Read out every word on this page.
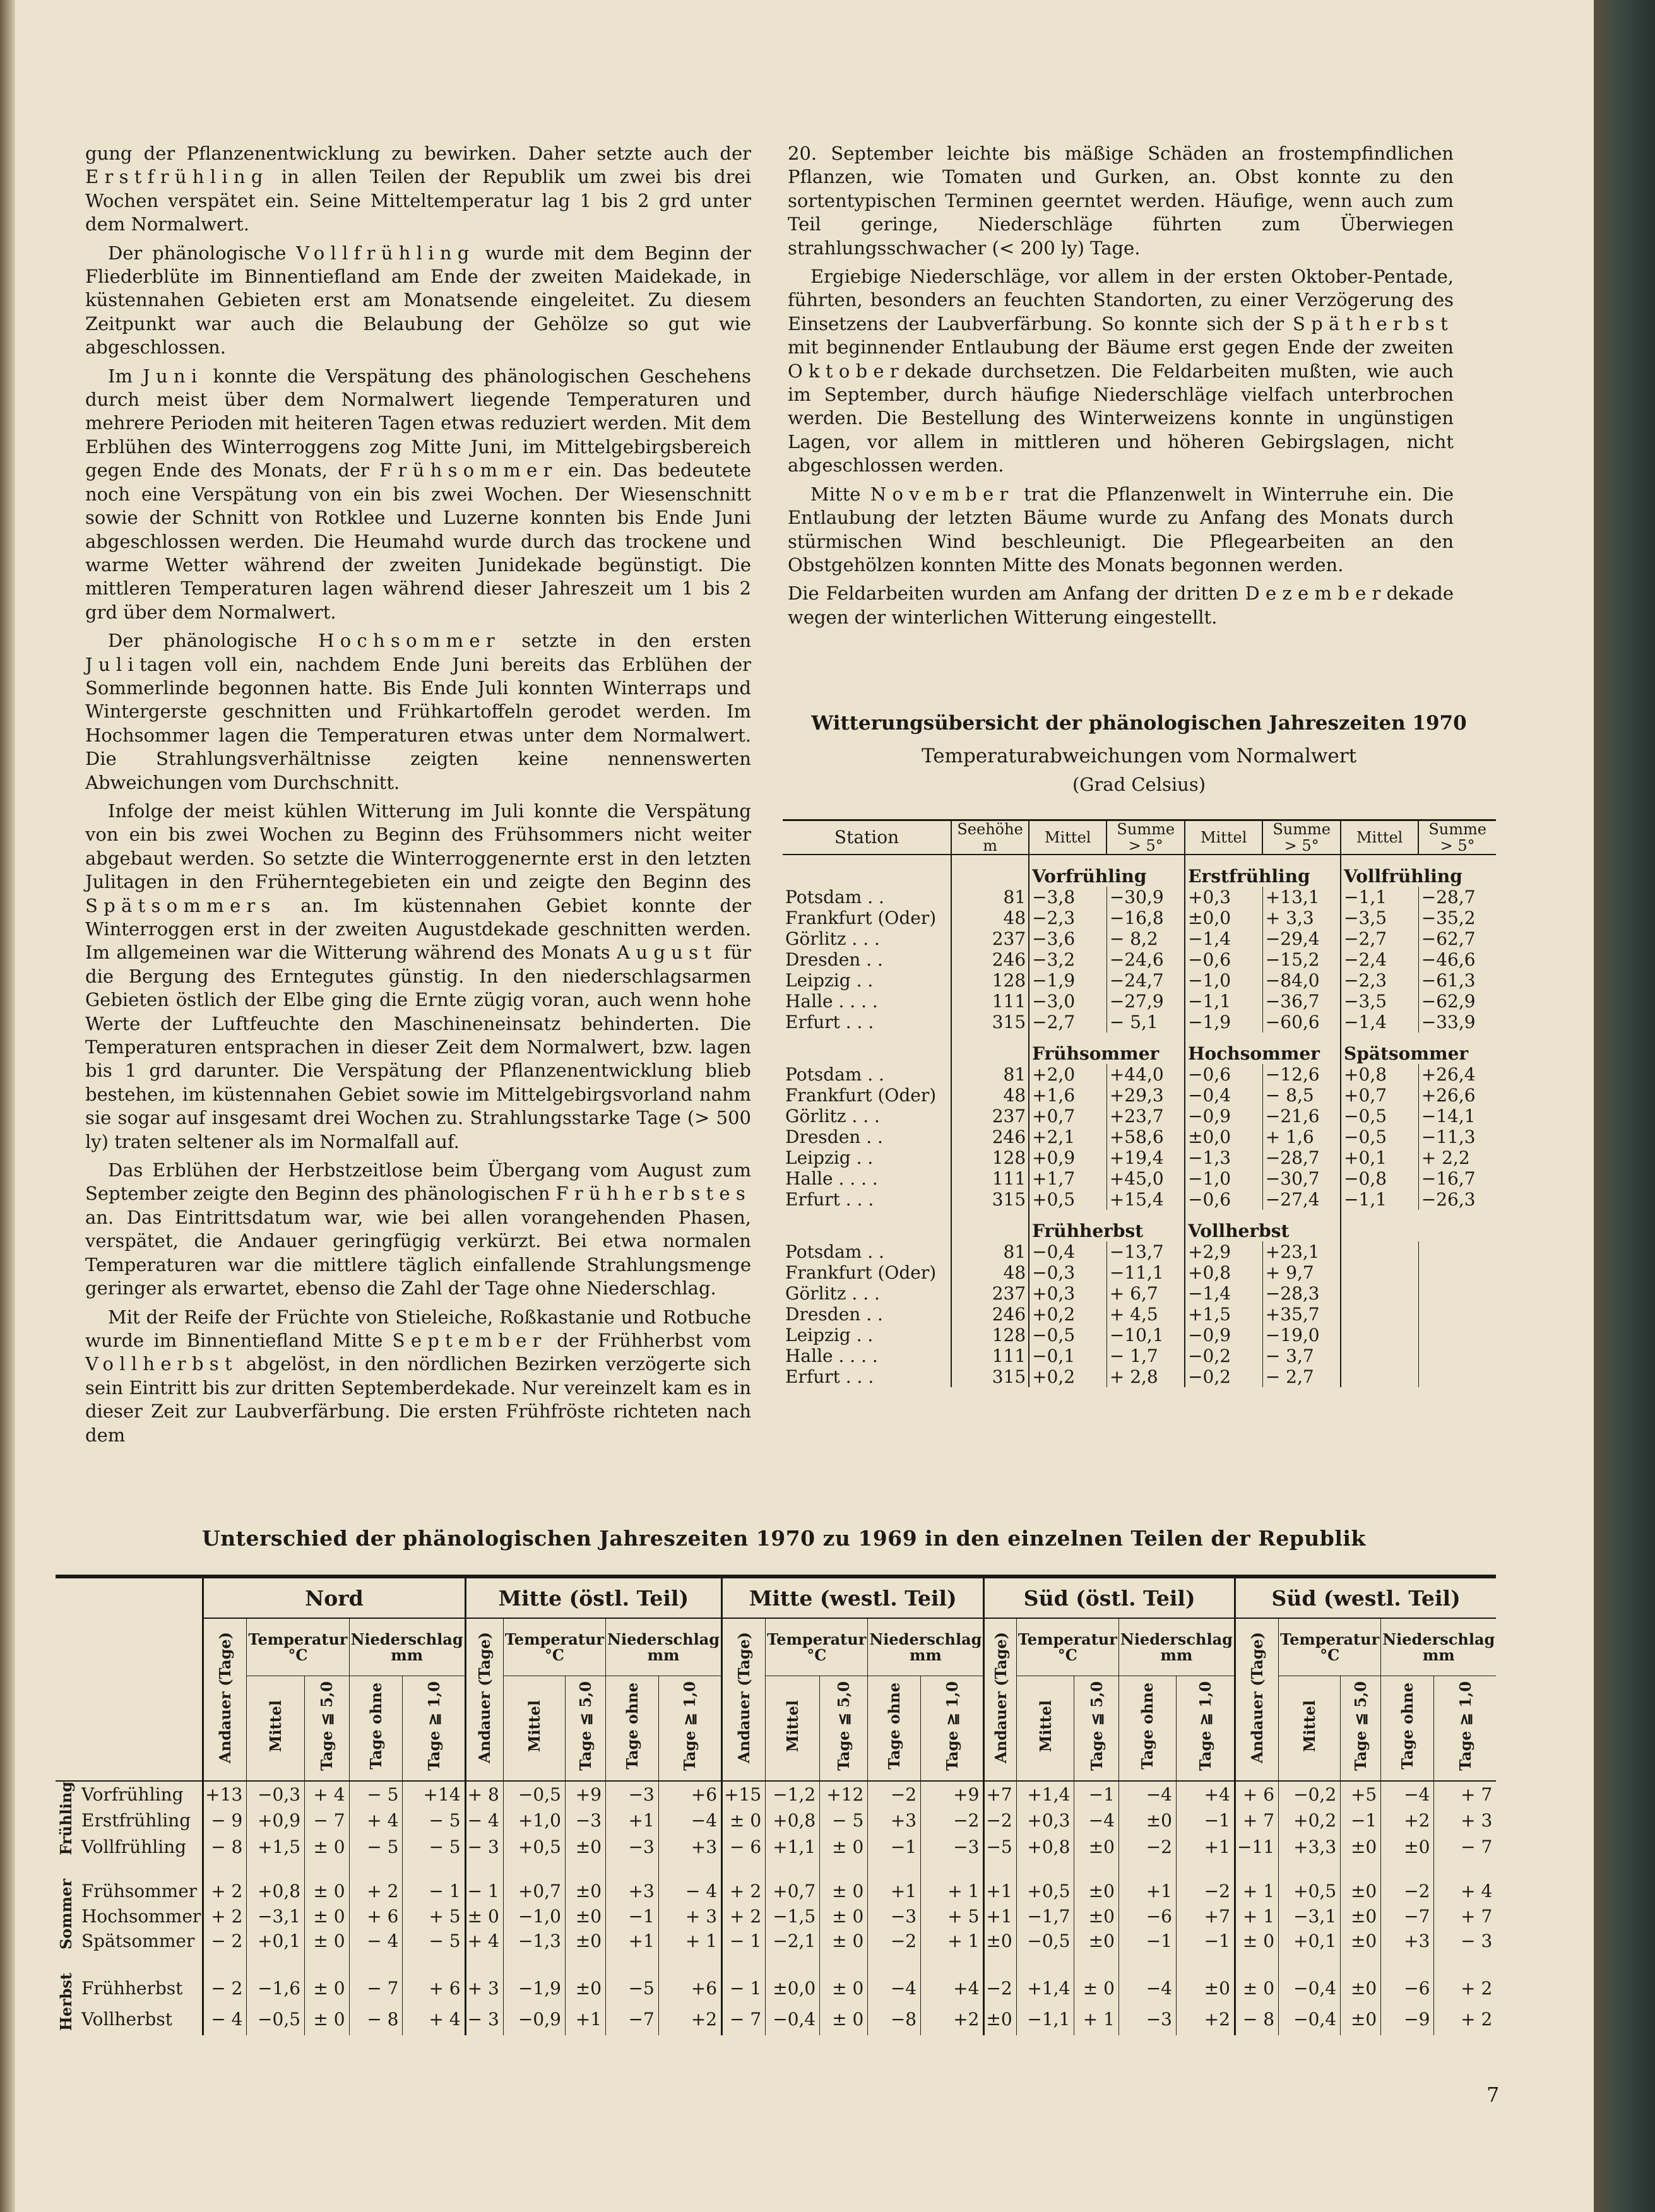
gung der Pflanzenentwicklung zu bewirken. Daher setzte auch der Erstfrühling in allen Teilen der Republik um zwei bis drei Wochen verspätet ein. Seine Mitteltemperatur lag 1 bis 2 grd unter dem Normalwert.

Der phänologische Vollfrühling wurde mit dem Beginn der Fliederblüte im Binnentiefland am Ende der zweiten Maidekade, in küstennahen Gebieten erst am Monatsende eingeleitet. Zu diesem Zeitpunkt war auch die Belaubung der Gehölze so gut wie abgeschlossen.

Im Juni konnte die Verspätung des phänologischen Geschehens durch meist über dem Normalwert liegende Temperaturen und mehrere Perioden mit heiteren Tagen etwas reduziert werden. Mit dem Erblühen des Winterroggens zog Mitte Juni, im Mittelgebirgsbereich gegen Ende des Monats, der Frühsommer ein. Das bedeutete noch eine Verspätung von ein bis zwei Wochen. Der Wiesenschnitt sowie der Schnitt von Rotklee und Luzerne konnten bis Ende Juni abgeschlossen werden. Die Heumahd wurde durch das trockene und warme Wetter während der zweiten Junidekade begünstigt. Die mittleren Temperaturen lagen während dieser Jahreszeit um 1 bis 2 grd über dem Normalwert.

Der phänologische Hochsommer setzte in den ersten Julitagen voll ein, nachdem Ende Juni bereits das Erblühen der Sommerlinde begonnen hatte. Bis Ende Juli konnten Winterraps und Wintergerste geschnitten und Frühkartoffeln gerodet werden. Im Hochsommer lagen die Temperaturen etwas unter dem Normalwert. Die Strahlungsverhältnisse zeigten keine nennenswerten Abweichungen vom Durchschnitt.

Infolge der meist kühlen Witterung im Juli konnte die Verspätung von ein bis zwei Wochen zu Beginn des Frühsommers nicht weiter abgebaut werden. So setzte die Winterroggenernte erst in den letzten Julitagen in den Früherntegebieten ein und zeigte den Beginn des Spätsommers an. Im küstennahen Gebiet konnte der Winterroggen erst in der zweiten Augustdekade geschnitten werden. Im allgemeinen war die Witterung während des Monats August für die Bergung des Erntegutes günstig. In den niederschlagsarmen Gebieten östlich der Elbe ging die Ernte zügig voran, auch wenn hohe Werte der Luftfeuchte den Maschineneinsatz behinderten. Die Temperaturen entsprachen in dieser Zeit dem Normalwert, bzw. lagen bis 1 grd darunter. Die Verspätung der Pflanzenentwicklung blieb bestehen, im küstennahen Gebiet sowie im Mittelgebirgsvorland nahm sie sogar auf insgesamt drei Wochen zu. Strahlungsstarke Tage (> 500 ly) traten seltener als im Normalfall auf.

Das Erblühen der Herbstzeitlose beim Übergang vom August zum September zeigte den Beginn des phänologischen Frühherbstes an. Das Eintrittsdatum war, wie bei allen vorangehenden Phasen, verspätet, die Andauer geringfügig verkürzt. Bei etwa normalen Temperaturen war die mittlere täglich einfallende Strahlungsmenge geringer als erwartet, ebenso die Zahl der Tage ohne Niederschlag.

Mit der Reife der Früchte von Stieleiche, Roßkastanie und Rotbuche wurde im Binnentiefland Mitte September der Frühherbst vom Vollherbst abgelöst, in den nördlichen Bezirken verzögerte sich sein Eintritt bis zur dritten Septemberdekade. Nur vereinzelt kam es in dieser Zeit zur Laubverfärbung. Die ersten Frühfröste richteten nach dem

20. September leichte bis mäßige Schäden an frostempfindlichen Pflanzen, wie Tomaten und Gurken, an. Obst konnte zu den sortentypischen Terminen geerntet werden. Häufige, wenn auch zum Teil geringe, Niederschläge führten zum Überwiegen strahlungsschwacher (< 200 ly) Tage.

Ergiebige Niederschläge, vor allem in der ersten Oktober-Pentade, führten, besonders an feuchten Standorten, zu einer Verzögerung des Einsetzens der Laubverfärbung. So konnte sich der Spätherbst mit beginnender Entlaubung der Bäume erst gegen Ende der zweiten Oktoberdekade durchsetzen. Die Feldarbeiten mußten, wie auch im September, durch häufige Niederschläge vielfach unterbrochen werden. Die Bestellung des Winterweizens konnte in ungünstigen Lagen, vor allem in mittleren und höheren Gebirgslagen, nicht abgeschlossen werden.

Mitte November trat die Pflanzenwelt in Winterruhe ein. Die Entlaubung der letzten Bäume wurde zu Anfang des Monats durch stürmischen Wind beschleunigt. Die Pflegearbeiten an den Obstgehölzen konnten Mitte des Monats begonnen werden.

Die Feldarbeiten wurden am Anfang der dritten Dezemberdekade wegen der winterlichen Witterung eingestellt.

Witterungsübersicht der phänologischen Jahreszeiten 1970
Temperaturabweichungen vom Normalwert
(Grad Celsius)
Station	Seehöhe m	Mittel	Summe > 5°	Mittel	Summe > 5°	Mittel	Summe > 5°
		Vorfrühling		Erstfrühling		Vollfrühling	
Potsdam . .	81	−3,8	−30,9	+0,3	+13,1	−1,1	−28,7
Frankfurt (Oder)	48	−2,3	−16,8	±0,0	+ 3,3	−3,5	−35,2
Görlitz . . .	237	−3,6	− 8,2	−1,4	−29,4	−2,7	−62,7
Dresden . .	246	−3,2	−24,6	−0,6	−15,2	−2,4	−46,6
Leipzig . .	128	−1,9	−24,7	−1,0	−84,0	−2,3	−61,3
Halle . . . .	111	−3,0	−27,9	−1,1	−36,7	−3,5	−62,9
Erfurt . . .	315	−2,7	− 5,1	−1,9	−60,6	−1,4	−33,9
		Frühsommer		Hochsommer		Spätsommer	
Potsdam . .	81	+2,0	+44,0	−0,6	−12,6	+0,8	+26,4
Frankfurt (Oder)	48	+1,6	+29,3	−0,4	− 8,5	+0,7	+26,6
Görlitz . . .	237	+0,7	+23,7	−0,9	−21,6	−0,5	−14,1
Dresden . .	246	+2,1	+58,6	±0,0	+ 1,6	−0,5	−11,3
Leipzig . .	128	+0,9	+19,4	−1,3	−28,7	+0,1	+ 2,2
Halle . . . .	111	+1,7	+45,0	−1,0	−30,7	−0,8	−16,7
Erfurt . . .	315	+0,5	+15,4	−0,6	−27,4	−1,1	−26,3
		Frühherbst		Vollherbst			
Potsdam . .	81	−0,4	−13,7	+2,9	+23,1		
Frankfurt (Oder)	48	−0,3	−11,1	+0,8	+ 9,7		
Görlitz . . .	237	+0,3	+ 6,7	−1,4	−28,3		
Dresden . .	246	+0,2	+ 4,5	+1,5	+35,7		
Leipzig . .	128	−0,5	−10,1	−0,9	−19,0		
Halle . . . .	111	−0,1	− 1,7	−0,2	− 3,7		
Erfurt . . .	315	+0,2	+ 2,8	−0,2	− 2,7		
Unterschied der phänologischen Jahreszeiten 1970 zu 1969 in den einzelnen Teilen der Republik
		Nord					Mitte (östl. Teil)					Mitte (westl. Teil)					Süd (östl. Teil)					Süd (westl. Teil)				
		Andauer (Tage)	Temperatur °C		Niederschlag mm		Andauer (Tage)	Temperatur °C		Niederschlag mm		Andauer (Tage)	Temperatur °C		Niederschlag mm		Andauer (Tage)	Temperatur °C		Niederschlag mm		Andauer (Tage)	Temperatur °C		Niederschlag mm	
			Mittel	Tage ≦ 5,0	Tage ohne	Tage ≧ 1,0		Mittel	Tage ≦ 5,0	Tage ohne	Tage ≧ 1,0		Mittel	Tage ≦ 5,0	Tage ohne	Tage ≧ 1,0		Mittel	Tage ≦ 5,0	Tage ohne	Tage ≧ 1,0		Mittel	Tage ≦ 5,0	Tage ohne	Tage ≧ 1,0
Frühling	Vorfrühling	+13	−0,3	+ 4	− 5	+14	+ 8	−0,5	+9	−3	+6	+15	−1,2	+12	−2	+9	+7	+1,4	−1	−4	+4	+ 6	−0,2	+5	−4	+ 7
	Erstfrühling	− 9	+0,9	− 7	+ 4	− 5	− 4	+1,0	−3	+1	−4	± 0	+0,8	− 5	+3	−2	−2	+0,3	−4	±0	−1	+ 7	+0,2	−1	+2	+ 3
	Vollfrühling	− 8	+1,5	± 0	− 5	− 5	− 3	+0,5	±0	−3	+3	− 6	+1,1	± 0	−1	−3	−5	+0,8	±0	−2	+1	−11	+3,3	±0	±0	− 7

Sommer	Frühsommer	+ 2	+0,8	± 0	+ 2	− 1	− 1	+0,7	±0	+3	− 4	+ 2	+0,7	± 0	+1	+ 1	+1	+0,5	±0	+1	−2	+ 1	+0,5	±0	−2	+ 4
	Hochsommer	+ 2	−3,1	± 0	+ 6	+ 5	± 0	−1,0	±0	−1	+ 3	+ 2	−1,5	± 0	−3	+ 5	+1	−1,7	±0	−6	+7	+ 1	−3,1	±0	−7	+ 7
	Spätsommer	− 2	+0,1	± 0	− 4	− 5	+ 4	−1,3	±0	+1	+ 1	− 1	−2,1	± 0	−2	+ 1	±0	−0,5	±0	−1	−1	± 0	+0,1	±0	+3	− 3

Herbst	Frühherbst	− 2	−1,6	± 0	− 7	+ 6	+ 3	−1,9	±0	−5	+6	− 1	±0,0	± 0	−4	+4	−2	+1,4	± 0	−4	±0	± 0	−0,4	±0	−6	+ 2
	Vollherbst	− 4	−0,5	± 0	− 8	+ 4	− 3	−0,9	+1	−7	+2	− 7	−0,4	± 0	−8	+2	±0	−1,1	+ 1	−3	+2	− 8	−0,4	±0	−9	+ 2
7
